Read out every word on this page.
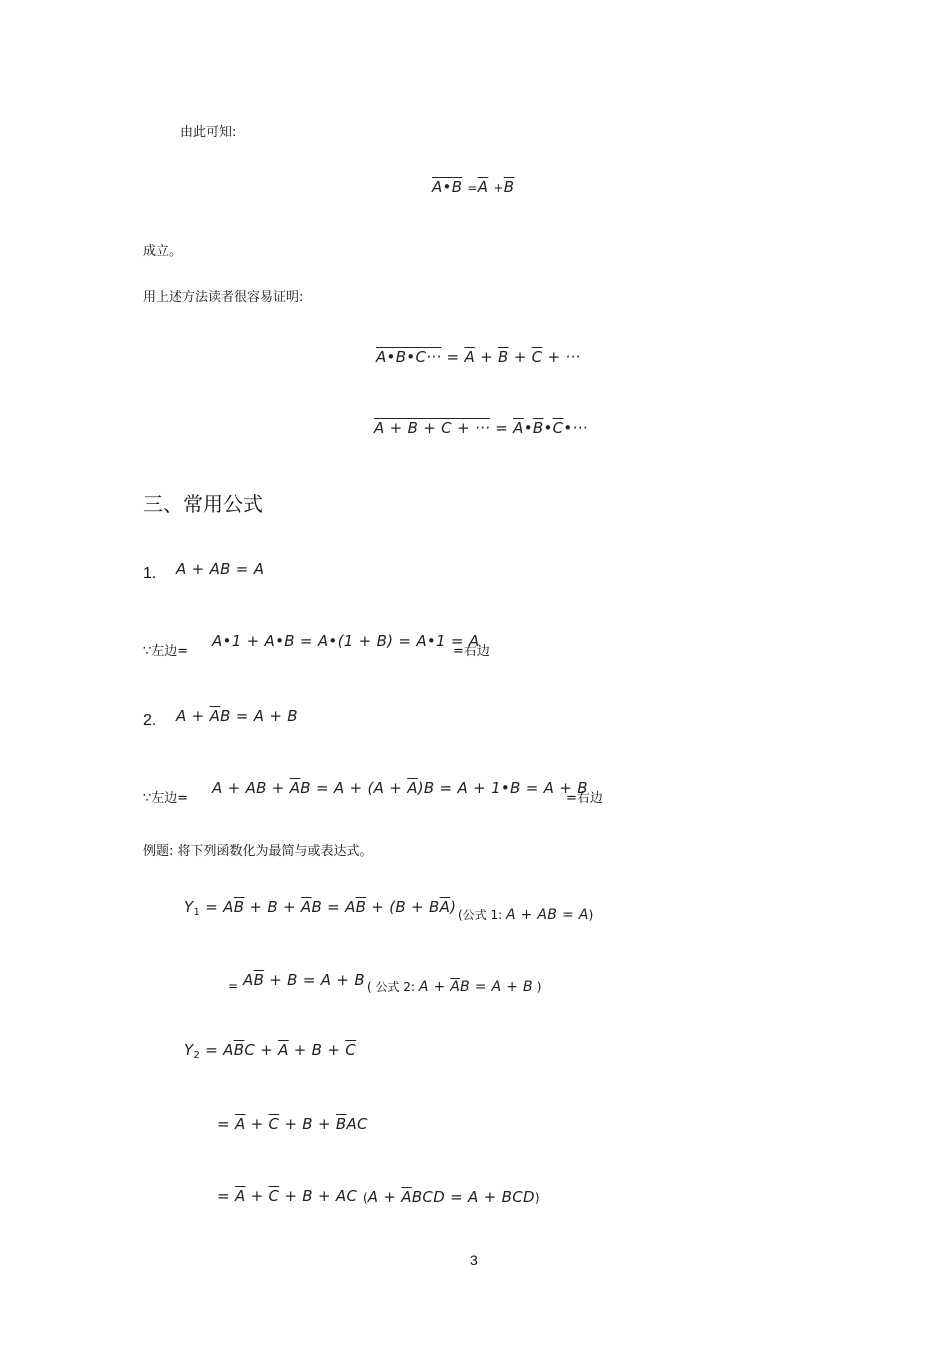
由此可知:
A•B $=\overline{A} +\overline{B}$
成立。
用上述方法读者很容易证明:
A•B•C··· = $\overline{A} + \overline{B} + \overline{C}$ + ···
A + B + C + ··· = $\overline{A}•\overline{B}•\overline{C}•\cdot\cdot\cdot$
三、常用公式
1. A + AB = A
∵左边=
A•1 + A•B = A•(1 + B) = A•1 = A
=右边
2. $A + \overline{A}B = A + B$
∵左边=
A + AB + $\overline{A}B = A + (A + \overline{A})B = A$ + 1•B = A + B
=右边
例题: 将下列函数化为最简与或表达式。
$Y_1 = A\overline{B} + B + \overline{A}B = A\overline{B} + (B + B\overline{A})$ (公式 1: A + AB = A)
= $A\overline{B} + B = A + B$ ( 公式 2: $A + \overline{A}B = A + B$ )
$Y_2 = A\overline{B}C + \overline{A} + B + \overline{C}$
= $\overline{A} + \overline{C} + B + \overline{B}AC$
= $\overline{A} + \overline{C} + B$ + AC $(A + \overline{A}BCD = A + BCD)$
3
